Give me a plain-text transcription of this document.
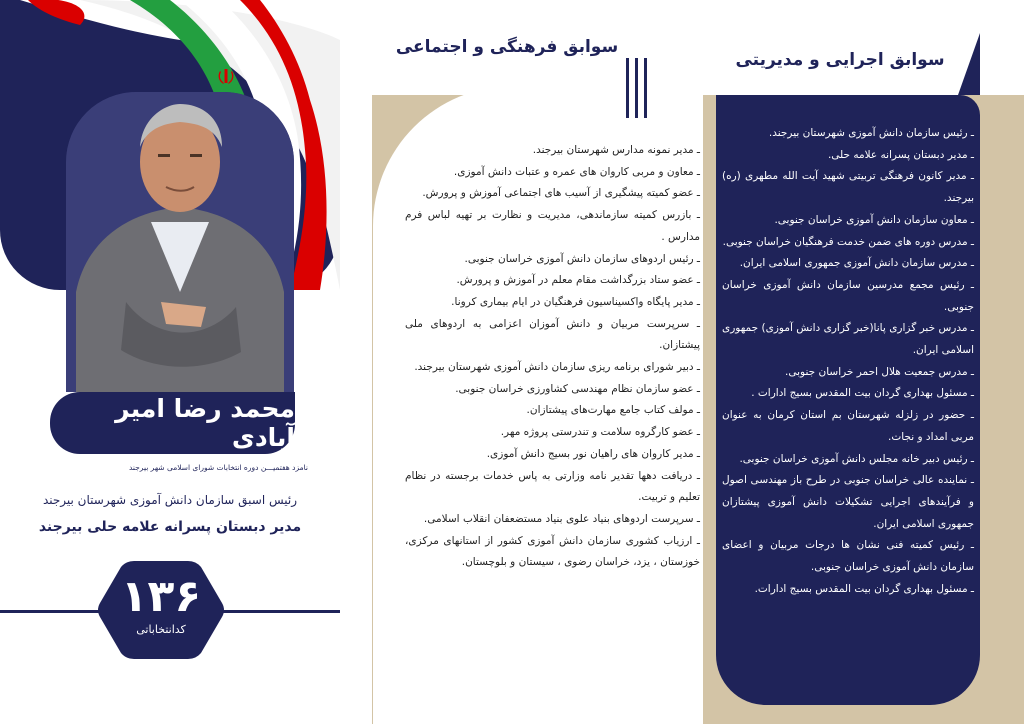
محمد رضا امیر آبادی
نامزد هفتمیـــن دوره انتخابات شورای اسلامی شهر بیرجند
رئیس اسبق سازمان دانش آموزی شهرستان بیرجند
مدیر دبستان پسرانه علامه حلی بیرجند
۱۳۶
کدانتخاباتی
سوابق فرهنگی و اجتماعی
سوابق اجرایی و مدیریتی
ـ مدیر نمونه مدارس شهرستان بیرجند.
ـ معاون و مربی کاروان های عمره و عتبات دانش آموزی.
ـ عضو کمیته پیشگیری از آسیب های اجتماعی آموزش و پرورش.
ـ بازرس کمیته سازماندهی، مدیریت و نظارت بر تهیه لباس فرم مدارس .
ـ رئیس اردوهای سازمان دانش آموزی خراسان جنوبی.
ـ عضو ستاد بزرگداشت مقام معلم در آموزش و پرورش.
ـ مدیر پایگاه واکسیناسیون فرهنگیان در ایام بیماری کرونا.
ـ سرپرست مربیان و دانش آموزان اعزامی به اردوهای ملی پیشتازان.
ـ دبیر شورای برنامه ریزی سازمان دانش آموزی شهرستان بیرجند.
ـ عضو سازمان نظام مهندسی کشاورزی خراسان جنوبی.
ـ مولف کتاب جامع مهارت‌های پیشتازان.
ـ عضو کارگروه سلامت و تندرستی پروژه مهر.
ـ مدیر کاروان های راهیان نور بسیج دانش آموزی.
ـ دریافت دهها تقدیر نامه وزارتی به پاس خدمات برجسته در نظام تعلیم و تربیت.
ـ سرپرست اردوهای بنیاد علوی بنیاد مستضعفان انقلاب اسلامی.
ـ ارزیاب کشوری سازمان دانش آموزی کشور از استانهای مرکزی، خوزستان ، یزد، خراسان رضوی ، سیستان و بلوچستان.
ـ رئیس سازمان دانش آموزی شهرستان بیرجند.
ـ مدیر دبستان پسرانه علامه حلی.
ـ مدیر کانون فرهنگی تربیتی شهید آیت الله مطهری (ره) بیرجند.
ـ معاون سازمان دانش آموزی خراسان جنوبی.
ـ مدرس دوره های ضمن خدمت فرهنگیان خراسان جنوبی.
ـ مدرس سازمان دانش آموزی جمهوری اسلامی ایران.
ـ رئیس مجمع مدرسین سازمان دانش آموزی خراسان جنوبی.
ـ مدرس خبر گزاری پانا(خبر گزاری دانش آموزی) جمهوری اسلامی ایران.
ـ مدرس جمعیت هلال احمر خراسان جنوبی.
ـ مسئول بهداری گردان بیت المقدس بسیج ادارات .
ـ حضور در زلزله شهرستان بم استان کرمان به عنوان مربی امداد و نجات.
ـ رئیس دبیر خانه مجلس دانش آموزی خراسان جنوبی.
ـ نماینده عالی خراسان جنوبی در طرح باز مهندسی اصول و فرآیندهای اجرایی تشکیلات دانش آموزی پیشتازان جمهوری اسلامی ایران.
ـ رئیس کمیته فنی نشان ها درجات مربیان و اعضای سازمان دانش آموزی خراسان جنوبی.
ـ مسئول بهداری گردان بیت المقدس بسیج ادارات.
